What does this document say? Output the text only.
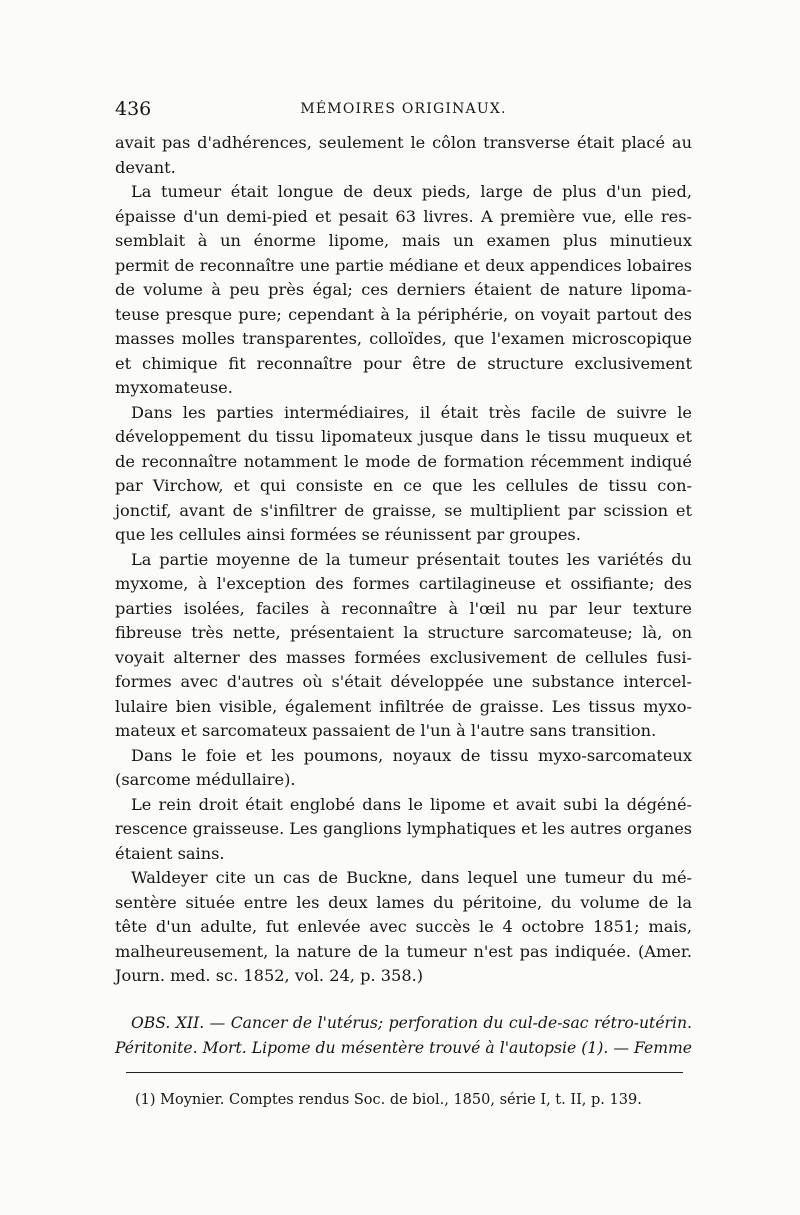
436	MÉMOIRES ORIGINAUX.
avait pas d'adhérences, seulement le côlon transverse était placé au
devant.
La tumeur était longue de deux pieds, large de plus d'un pied,
épaisse d'un demi-pied et pesait 63 livres. A première vue, elle res-
semblait à un énorme lipome, mais un examen plus minutieux
permit de reconnaître une partie médiane et deux appendices lobaires
de volume à peu près égal; ces derniers étaient de nature lipoma-
teuse presque pure; cependant à la périphérie, on voyait partout des
masses molles transparentes, colloïdes, que l'examen microscopique
et chimique fit reconnaître pour être de structure exclusivement
myxomateuse.
Dans les parties intermédiaires, il était très facile de suivre le
développement du tissu lipomateux jusque dans le tissu muqueux et
de reconnaître notamment le mode de formation récemment indiqué
par Virchow, et qui consiste en ce que les cellules de tissu con-
jonctif, avant de s'infiltrer de graisse, se multiplient par scission et
que les cellules ainsi formées se réunissent par groupes.
La partie moyenne de la tumeur présentait toutes les variétés du
myxome, à l'exception des formes cartilagineuse et ossifiante; des
parties isolées, faciles à reconnaître à l'œil nu par leur texture
fibreuse très nette, présentaient la structure sarcomateuse; là, on
voyait alterner des masses formées exclusivement de cellules fusi-
formes avec d'autres où s'était développée une substance intercel-
lulaire bien visible, également infiltrée de graisse. Les tissus myxo-
mateux et sarcomateux passaient de l'un à l'autre sans transition.
Dans le foie et les poumons, noyaux de tissu myxo-sarcomateux
(sarcome médullaire).
Le rein droit était englobé dans le lipome et avait subi la dégéné-
rescence graisseuse. Les ganglions lymphatiques et les autres organes
étaient sains.
Waldeyer cite un cas de Buckne, dans lequel une tumeur du mé-
sentère située entre les deux lames du péritoine, du volume de la
tête d'un adulte, fut enlevée avec succès le 4 octobre 1851; mais,
malheureusement, la nature de la tumeur n'est pas indiquée. (Amer.
Journ. med. sc. 1852, vol. 24, p. 358.)
OBS. XII. — Cancer de l'utérus; perforation du cul-de-sac rétro-utérin.
Péritonite. Mort. Lipome du mésentère trouvé à l'autopsie (1). — Femme
(1) Moynier. Comptes rendus Soc. de biol., 1850, série I, t. II, p. 139.
